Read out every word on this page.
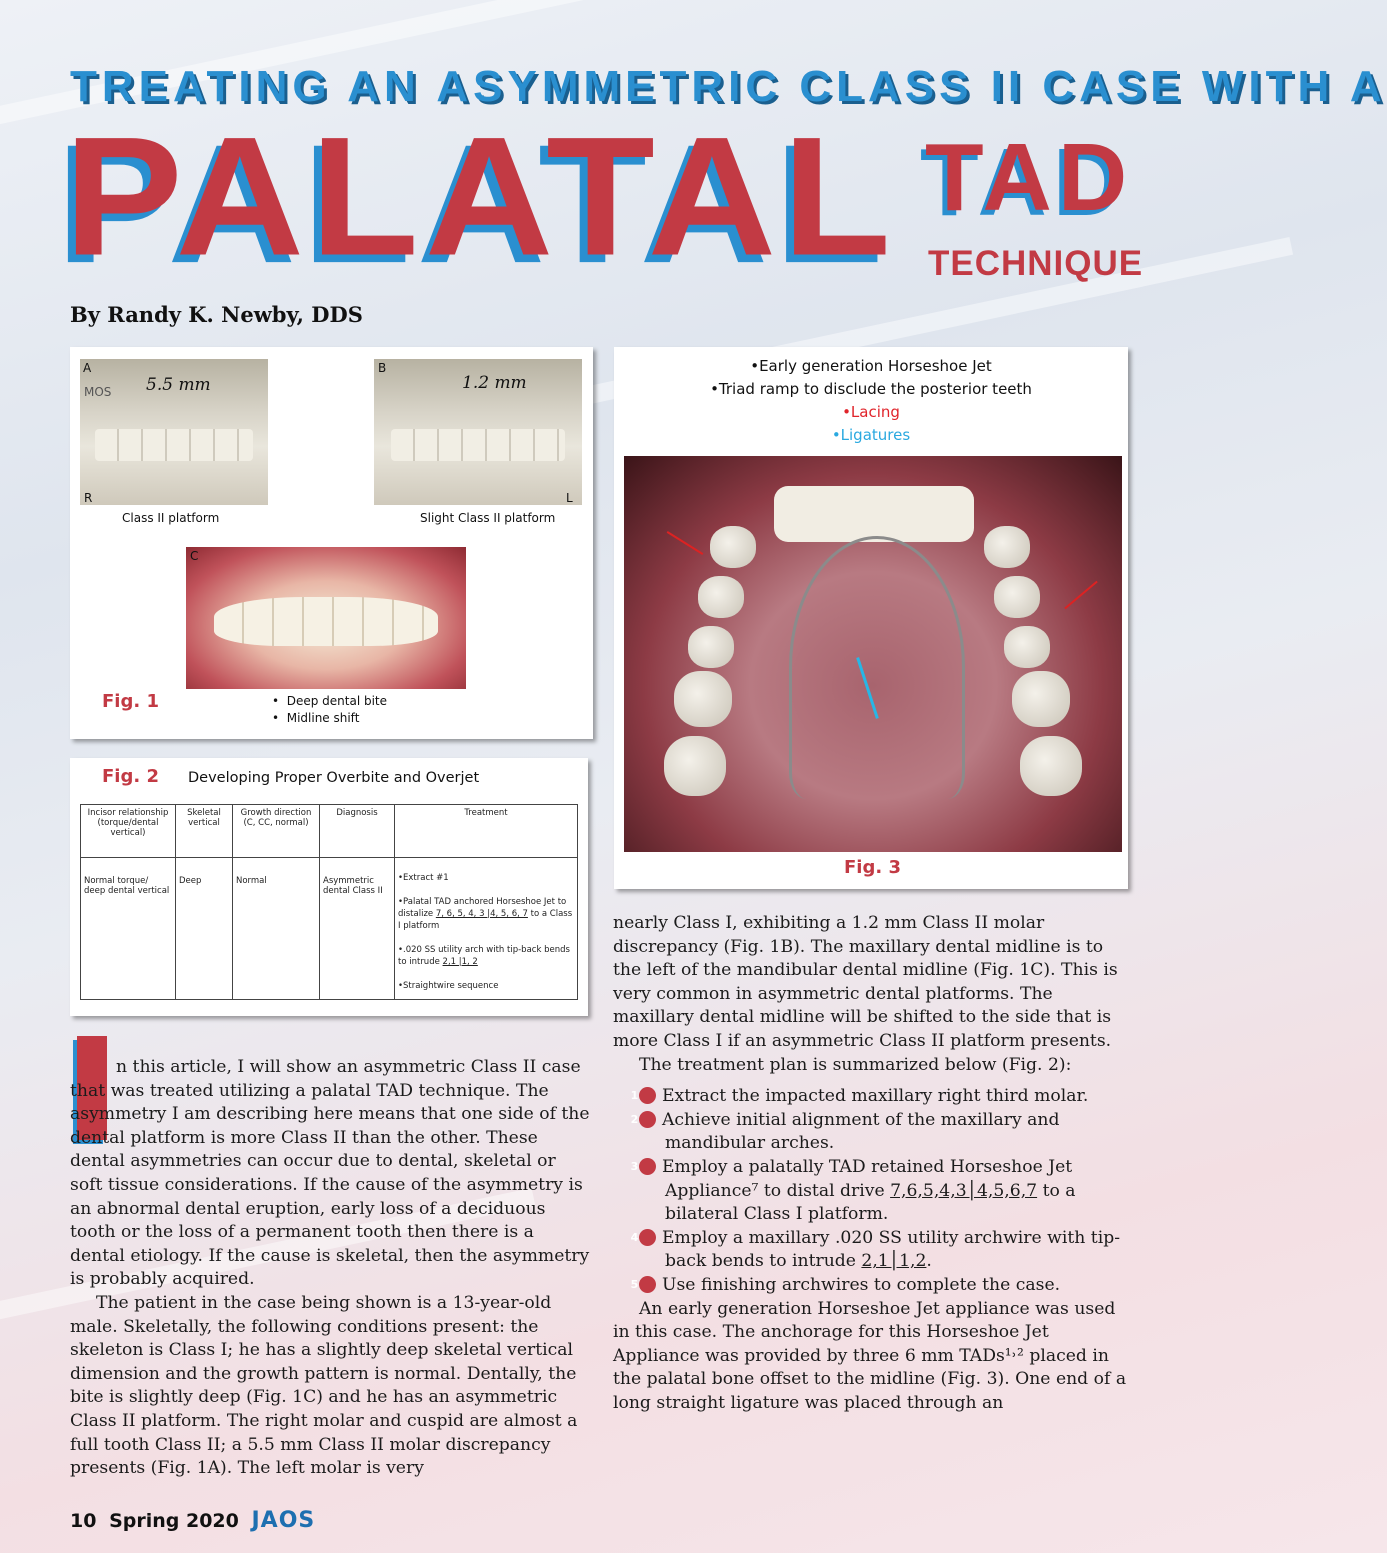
TREATING AN ASYMMETRIC CLASS II CASE WITH A
PALATAL TAD
TECHNIQUE
By Randy K. Newby, DDS
A
MOS 5.5 mm
R
Class II platform
B
1.2 mm
L
Slight Class II platform
C
Fig. 1	•  Deep dental bite
•  Midline shift
Fig. 2 Developing Proper Overbite and Overjet
Incisor relationship (torque/dental vertical)	Skeletal vertical	Growth direction (C, CC, normal)	Diagnosis	Treatment
Normal torque/ deep dental vertical	Deep	Normal	Asymmetric dental Class II	•Extract #1
•Palatal TAD anchored Horseshoe Jet to distalize 7, 6, 5, 4, 3 |4, 5, 6, 7 to a Class I platform
•.020 SS utility arch with tip-back bends to intrude 2,1 |1, 2
•Straightwire sequence
•Early generation Horseshoe Jet
•Triad ramp to disclude the posterior teeth
•Lacing
•Ligatures
Fig. 3

n this article, I will show an asymmetric Class II case that was treated utilizing a palatal TAD technique. The asymmetry I am describing here means that one side of the dental platform is more Class II than the other. These dental asymmetries can occur due to dental, skeletal or soft tissue considerations. If the cause of the asymmetry is an abnormal dental eruption, early loss of a deciduous tooth or the loss of a permanent tooth then there is a dental etiology. If the cause is skeletal, then the asymmetry is probably acquired.

The patient in the case being shown is a 13-year-old male. Skeletally, the following conditions present: the skeleton is Class I; he has a slightly deep skeletal vertical dimension and the growth pattern is normal. Dentally, the bite is slightly deep (Fig. 1C) and he has an asymmetric Class II platform. The right molar and cuspid are almost a full tooth Class II; a 5.5 mm Class II molar discrepancy presents (Fig. 1A). The left molar is very

nearly Class I, exhibiting a 1.2 mm Class II molar discrepancy (Fig. 1B). The maxillary dental midline is to the left of the mandibular dental midline (Fig. 1C). This is very common in asymmetric dental platforms. The maxillary dental midline will be shifted to the side that is more Class I if an asymmetric Class II platform presents.

The treatment plan is summarized below (Fig. 2):

1 Extract the impacted maxillary right third molar.

2 Achieve initial alignment of the maxillary and mandibular arches.

3 Employ a palatally TAD retained Horseshoe Jet Appliance⁷ to distal drive 7,6,5,4,3│4,5,6,7 to a bilateral Class I platform.

4 Employ a maxillary .020 SS utility archwire with tip-back bends to intrude 2,1│1,2.

5 Use finishing archwires to complete the case.

An early generation Horseshoe Jet appliance was used in this case. The anchorage for this Horseshoe Jet Appliance was provided by three 6 mm TADs¹˒² placed in the palatal bone offset to the midline (Fig. 3). One end of a long straight ligature was placed through an

10 Spring 2020 JAOS
